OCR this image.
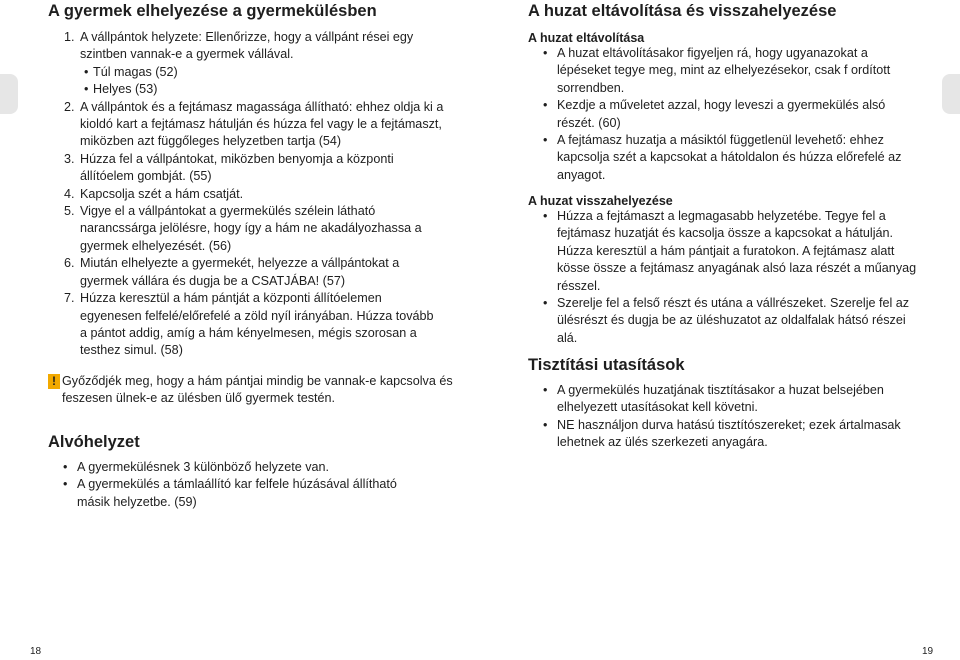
A gyermek elhelyezése a gyermekülésben
1. A vállpántok helyzete: Ellenőrizze, hogy a vállpánt rései egy szintben vannak-e a gyermek vállával.
• Túl magas (52)
• Helyes (53)
2. A vállpántok és a fejtámasz magassága állítható: ehhez oldja ki a kioldó kart a fejtámasz hátulján és húzza fel vagy le a fejtámaszt, miközben azt függőleges helyzetben tartja (54)
3. Húzza fel a vállpántokat, miközben benyomja a központi állítóelem gombját. (55)
4. Kapcsolja szét a hám csatját.
5. Vigye el a vállpántokat a gyermekülés szélein látható narancssárga jelölésre, hogy így a hám ne akadályozhassa a gyermek elhelyezését. (56)
6. Miután elhelyezte a gyermekét, helyezze a vállpántokat a gyermek vállára és dugja be a CSATJÁBA! (57)
7. Húzza keresztül a hám pántját a központi állítóelemen egyenesen felfelé/előrefelé a zöld nyíl irányában. Húzza tovább a pántot addig, amíg a hám kényelmesen, mégis szorosan a testhez simul. (58)
! Győződjék meg, hogy a hám pántjai mindig be vannak-e kapcsolva és feszesen ülnek-e az ülésben ülő gyermek testén.
Alvóhelyzet
• A gyermekülésnek 3 különböző helyzete van.
• A gyermekülés a támlaállító kar felfele húzásával állítható másik helyzetbe. (59)
18
A huzat eltávolítása és visszahelyezése
A huzat eltávolítása
• A huzat eltávolításakor figyeljen rá, hogy ugyanazokat a lépéseket tegye meg, mint az elhelyezésekor, csak f ordított sorrendben.
• Kezdje a műveletet azzal, hogy leveszi a gyermekülés alsó részét. (60)
• A fejtámasz huzatja a másiktól függetlenül levehető: ehhez kapcsolja szét a kapcsokat a hátoldalon és húzza előrefelé az anyagot.
A huzat visszahelyezése
• Húzza a fejtámaszt a legmagasabb helyzetébe. Tegye fel a fejtámasz huzatját és kacsolja össze a kapcsokat a hátulján. Húzza keresztül a hám pántjait a furatokon. A fejtámasz alatt kösse össze a fejtámasz anyagának alsó laza részét a műanyag résszel.
• Szerelje fel a felső részt és utána a vállrészeket. Szerelje fel az ülésrészt és dugja be az üléshuzatot az oldalfalak hátsó részei alá.
Tisztítási utasítások
• A gyermekülés huzatjának tisztításakor a huzat belsejében elhelyezett utasításokat kell követni.
• NE használjon durva hatású tisztítószereket; ezek ártalmasak lehetnek az ülés szerkezeti anyagára.
19
